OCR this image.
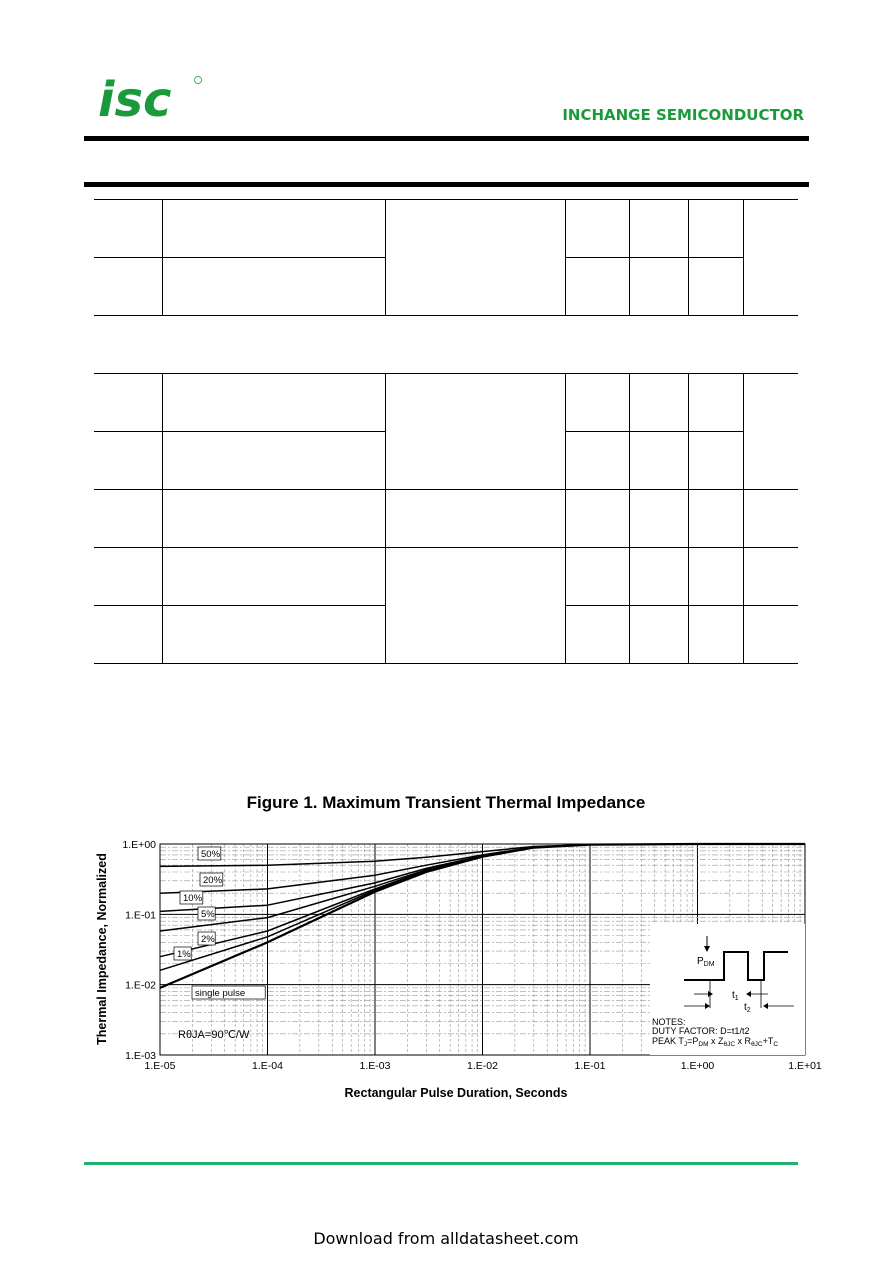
isc	INCHANGE SEMICONDUCTOR

Figure 1. Maximum Transient Thermal Impedance
1.E-05	1.E-04	1.E-03	1.E-02	1.E-01	1.E+00	1.E+01
1.E-03
1.E-02
1.E-01
1.E+00
Rectangular Pulse Duration, Seconds
Thermal Impedance, Normalized	RθJA=90℃/W
$P_{DM}$
$t_1$
$t_2$
NOTES:
DUTY FACTOR: D=t1/t2
PEAK $T_J=P_{DM}$ x $Z_{\theta JC}$ x $R_{\theta JC}+T_C$
50%
20%
10%
5%
2%
1%
single pulse
Download from alldatasheet.com
